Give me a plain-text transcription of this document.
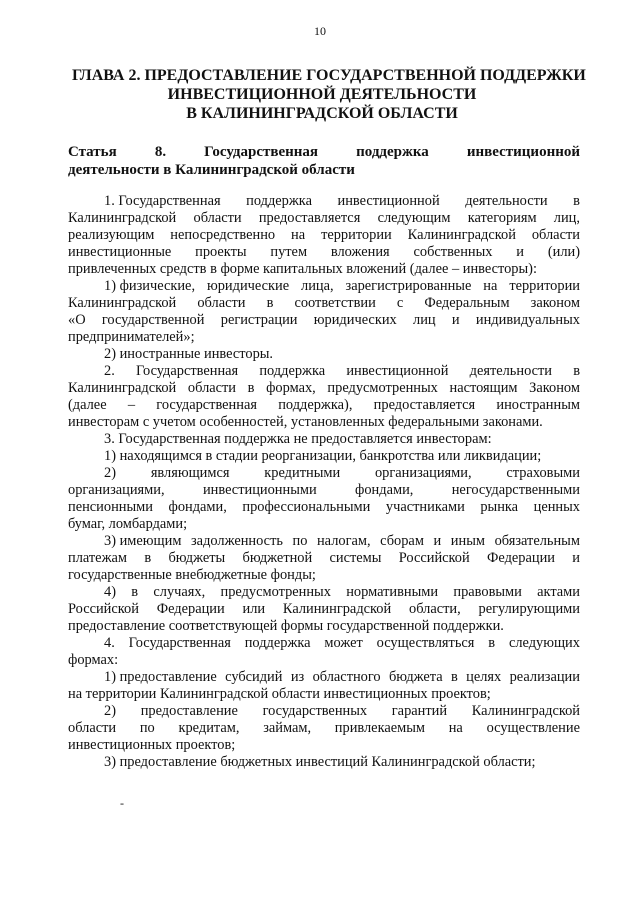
10
ГЛАВА 2. ПРЕДОСТАВЛЕНИЕ ГОСУДАРСТВЕННОЙ ПОДДЕРЖКИ
ИНВЕСТИЦИОННОЙ ДЕЯТЕЛЬНОСТИ
В КАЛИНИНГРАДСКОЙ ОБЛАСТИ
Статья	8.	Государственная	поддержка	инвестиционной
деятельности в Калининградской области
1. Государственная поддержка инвестиционной деятельности в
Калининградской области предоставляется следующим категориям лиц,
реализующим непосредственно на территории Калининградской области
инвестиционные проекты путем вложения собственных и (или)
привлеченных средств в форме капитальных вложений (далее – инвесторы):
1) физические, юридические лица, зарегистрированные на территории
Калининградской области в соответствии с Федеральным законом
«О государственной регистрации юридических лиц и индивидуальных
предпринимателей»;
2) иностранные инвесторы.
2. Государственная поддержка инвестиционной деятельности в
Калининградской области в формах, предусмотренных настоящим Законом
(далее – государственная поддержка), предоставляется иностранным
инвесторам с учетом особенностей, установленных федеральными законами.
3. Государственная поддержка не предоставляется инвесторам:
1) находящимся в стадии реорганизации, банкротства или ликвидации;
2) являющимся кредитными организациями, страховыми
организациями,	инвестиционными	фондами,	негосударственными
пенсионными фондами, профессиональными участниками рынка ценных
бумаг, ломбардами;
3) имеющим задолженность по налогам, сборам и иным обязательным
платежам в бюджеты бюджетной системы Российской Федерации и
государственные внебюджетные фонды;
4) в случаях, предусмотренных нормативными правовыми актами
Российской Федерации или Калининградской области, регулирующими
предоставление соответствующей формы государственной поддержки.
4. Государственная поддержка может осуществляться в следующих
формах:
1) предоставление субсидий из областного бюджета в целях реализации
на территории Калининградской области инвестиционных проектов;
2) предоставление государственных гарантий Калининградской
области по кредитам, займам, привлекаемым на осуществление
инвестиционных проектов;
3) предоставление бюджетных инвестиций Калининградской области;
-
